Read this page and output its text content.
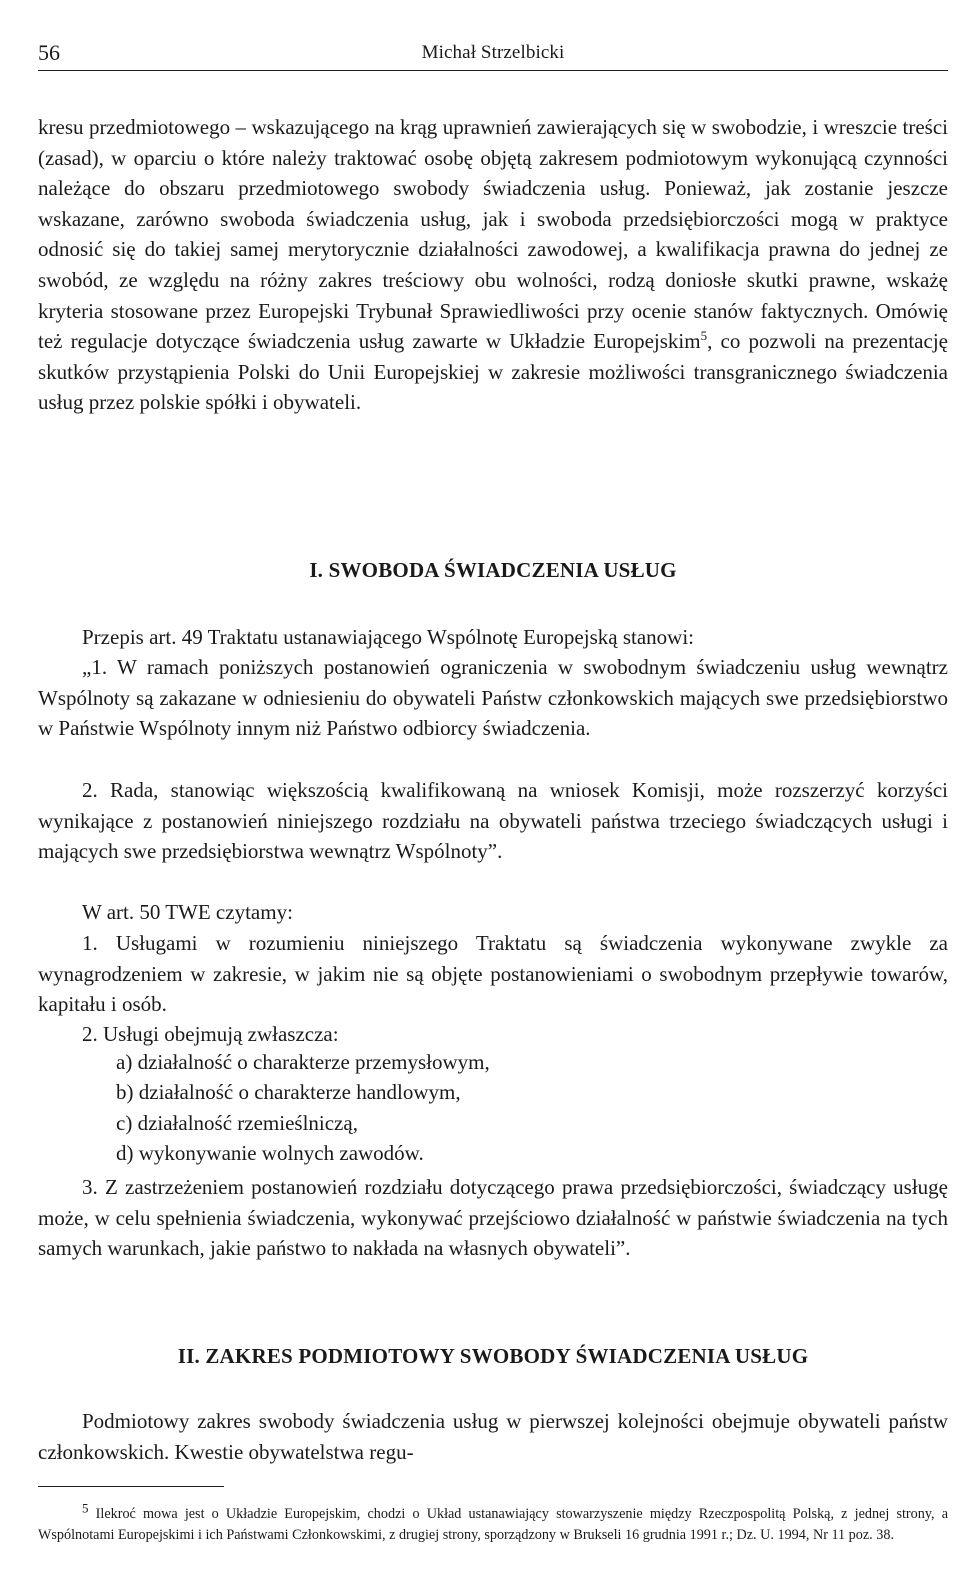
56	Michał Strzelbicki
kresu przedmiotowego – wskazującego na krąg uprawnień zawierających się w swobodzie, i wreszcie treści (zasad), w oparciu o które należy traktować osobę objętą zakresem podmiotowym wykonującą czynności należące do obszaru przedmiotowego swobody świadczenia usług. Ponieważ, jak zostanie jeszcze wskazane, zarówno swoboda świadczenia usług, jak i swoboda przedsiębiorczości mogą w praktyce odnosić się do takiej samej merytorycznie działalności zawodowej, a kwalifikacja prawna do jednej ze swobód, ze względu na różny zakres treściowy obu wolności, rodzą doniosłe skutki prawne, wskażę kryteria stosowane przez Europejski Trybunał Sprawiedliwości przy ocenie stanów faktycznych. Omówię też regulacje dotyczące świadczenia usług zawarte w Układzie Europejskim$^5$, co pozwoli na prezentację skutków przystąpienia Polski do Unii Europejskiej w zakresie możliwości transgranicznego świadczenia usług przez polskie spółki i obywateli.
I. SWOBODA ŚWIADCZENIA USŁUG
Przepis art. 49 Traktatu ustanawiającego Wspólnotę Europejską stanowi:
„1. W ramach poniższych postanowień ograniczenia w swobodnym świadczeniu usług wewnątrz Wspólnoty są zakazane w odniesieniu do obywateli Państw członkowskich mających swe przedsiębiorstwo w Państwie Wspólnoty innym niż Państwo odbiorcy świadczenia.
2. Rada, stanowiąc większością kwalifikowaną na wniosek Komisji, może rozszerzyć korzyści wynikające z postanowień niniejszego rozdziału na obywateli państwa trzeciego świadczących usługi i mających swe przedsiębiorstwa wewnątrz Wspólnoty”.
W art. 50 TWE czytamy:
1. Usługami w rozumieniu niniejszego Traktatu są świadczenia wykonywane zwykle za wynagrodzeniem w zakresie, w jakim nie są objęte postanowieniami o swobodnym przepływie towarów, kapitału i osób.
2. Usługi obejmują zwłaszcza:
a) działalność o charakterze przemysłowym,
b) działalność o charakterze handlowym,
c) działalność rzemieślniczą,
d) wykonywanie wolnych zawodów.
3. Z zastrzeżeniem postanowień rozdziału dotyczącego prawa przedsiębiorczości, świadczący usługę może, w celu spełnienia świadczenia, wykonywać przejściowo działalność w państwie świadczenia na tych samych warunkach, jakie państwo to nakłada na własnych obywateli”.
II. ZAKRES PODMIOTOWY SWOBODY ŚWIADCZENIA USŁUG
Podmiotowy zakres swobody świadczenia usług w pierwszej kolejności obejmuje obywateli państw członkowskich. Kwestie obywatelstwa regu-
$^5$ Ilekroć mowa jest o Układzie Europejskim, chodzi o Układ ustanawiający stowarzyszenie między Rzeczpospolitą Polską, z jednej strony, a Wspólnotami Europejskimi i ich Państwami Członkowskimi, z drugiej strony, sporządzony w Brukseli 16 grudnia 1991 r.; Dz. U. 1994, Nr 11 poz. 38.
